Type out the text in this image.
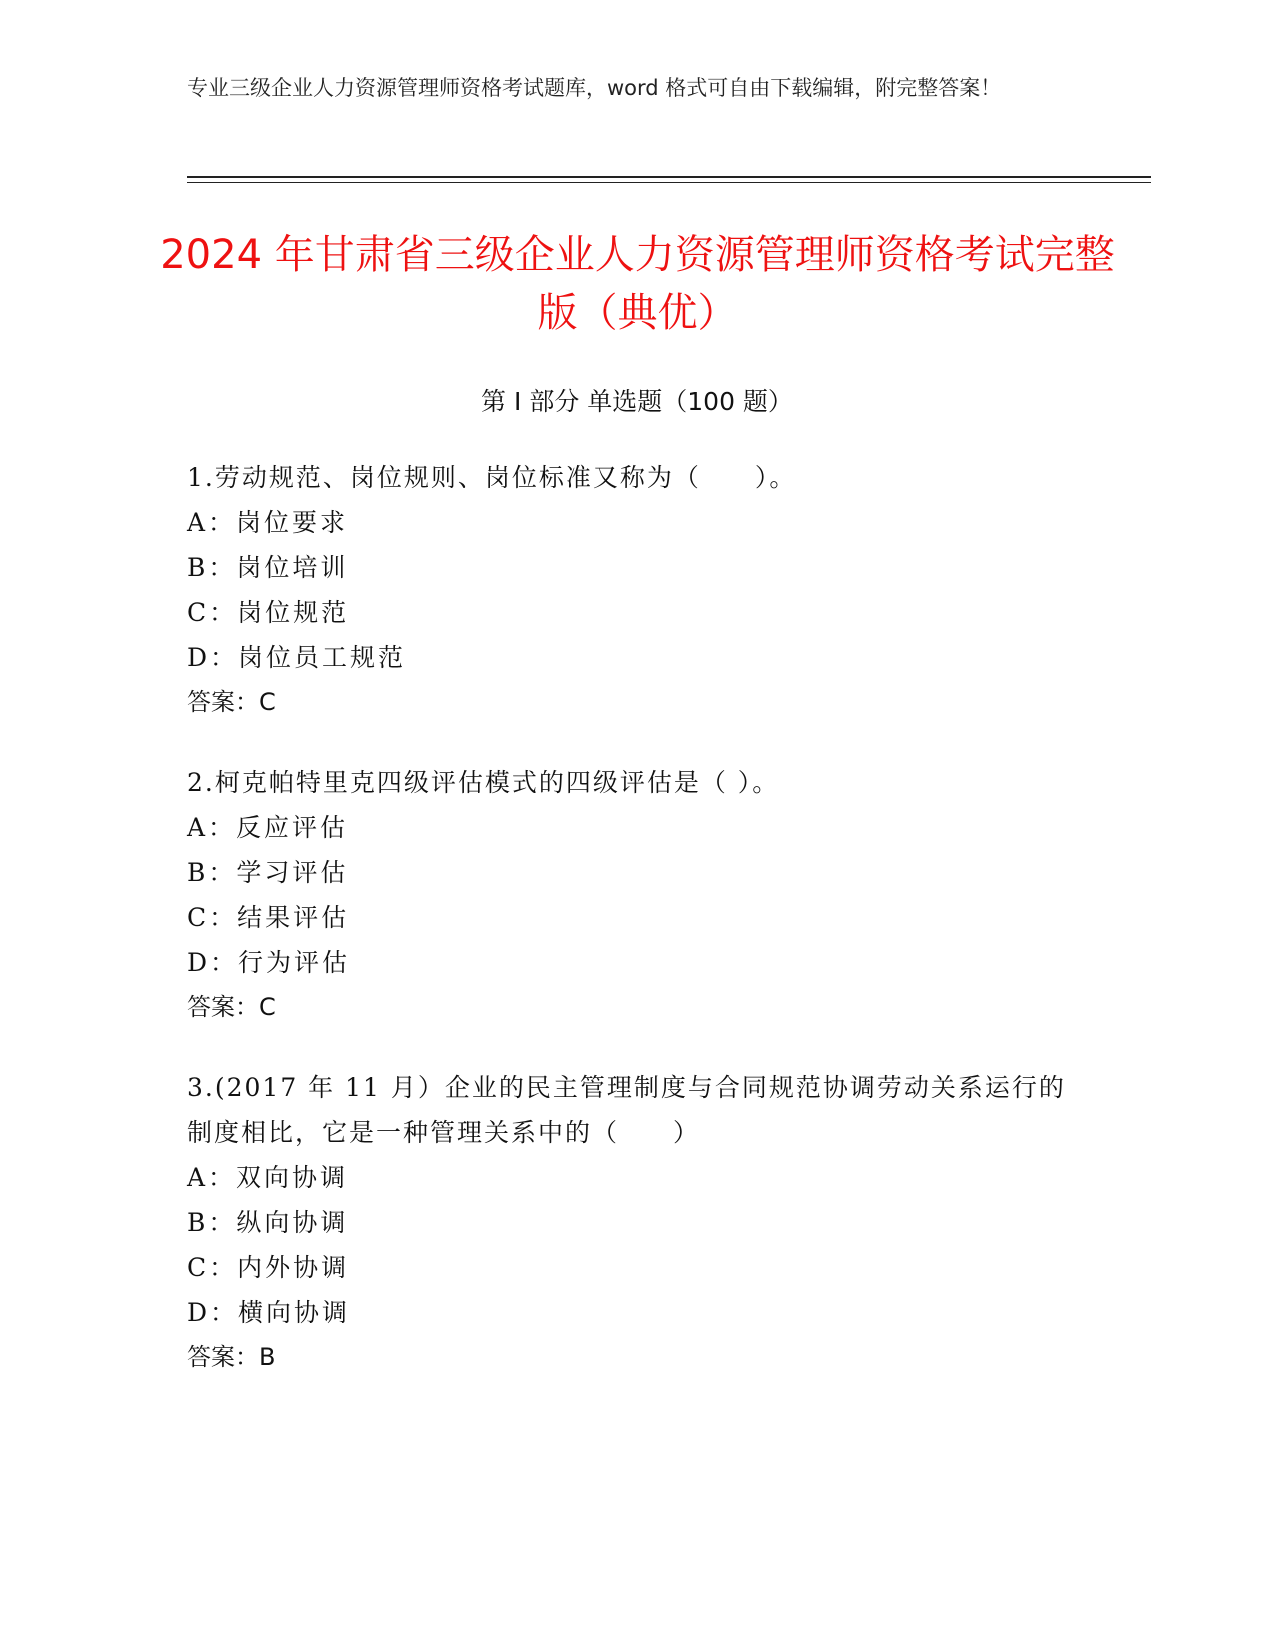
专业三级企业人力资源管理师资格考试题库，word 格式可自由下载编辑，附完整答案！
2024 年甘肃省三级企业人力资源管理师资格考试完整版（典优）
第 I 部分 单选题（100 题）
1.劳动规范、岗位规则、岗位标准又称为（　　）。
A：岗位要求
B：岗位培训
C：岗位规范
D：岗位员工规范
答案：C
2.柯克帕特里克四级评估模式的四级评估是（ ）。
A：反应评估
B：学习评估
C：结果评估
D：行为评估
答案：C
3.(2017 年 11 月）企业的民主管理制度与合同规范协调劳动关系运行的制度相比，它是一种管理关系中的（　　）
A：双向协调
B：纵向协调
C：内外协调
D：横向协调
答案：B
